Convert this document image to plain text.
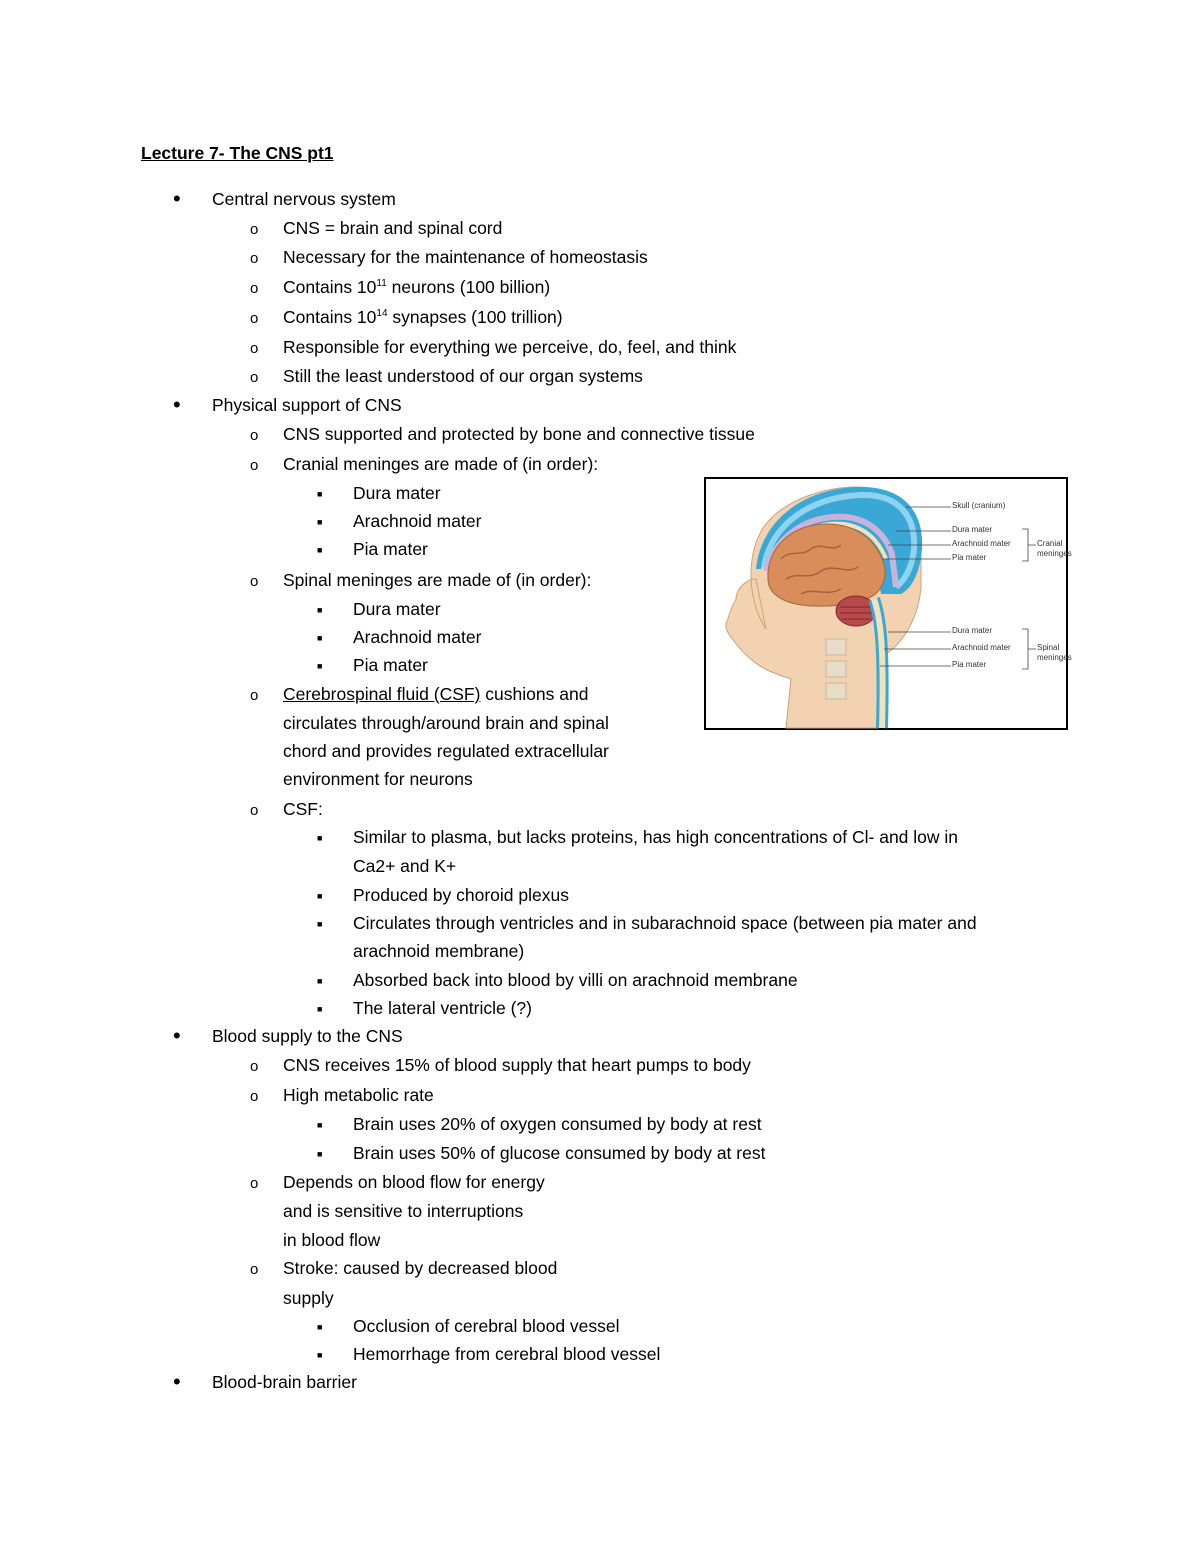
Lecture 7- The CNS pt1
•
o
o
o
o
o
o
•
o
o
■
■
■
o
■
■
■
o
o
■
■
■
■
■
•
o
o
■
■
o
o
■
■
•
Central nervous system
CNS = brain and spinal cord
Necessary for the maintenance of homeostasis
Contains $10^{11}$ neurons (100 billion)
Contains $10^{14}$ synapses (100 trillion)
Responsible for everything we perceive, do, feel, and think
Still the least understood of our organ systems
Physical support of CNS
CNS supported and protected by bone and connective tissue
Cranial meninges are made of (in order):
Dura mater
Arachnoid mater
Pia mater
Spinal meninges are made of (in order):
Dura mater
Arachnoid mater
Pia mater
Cerebrospinal fluid (CSF) cushions and
circulates through/around brain and spinal
chord and provides regulated extracellular
environment for neurons
CSF:
Similar to plasma, but lacks proteins, has high concentrations of Cl- and low in
Ca2+ and K+
Produced by choroid plexus
Circulates through ventricles and in subarachnoid space (between pia mater and
arachnoid membrane)
Absorbed back into blood by villi on arachnoid membrane
The lateral ventricle (?)
Blood supply to the CNS
CNS receives 15% of blood supply that heart pumps to body
High metabolic rate
Brain uses 20% of oxygen consumed by body at rest
Brain uses 50% of glucose consumed by body at rest
Depends on blood flow for energy
and is sensitive to interruptions
in blood flow
Stroke: caused by decreased blood
supply
Occlusion of cerebral blood vessel
Hemorrhage from cerebral blood vessel
Blood-brain barrier
Skull (cranium)
Dura mater
Arachnoid mater
Pia mater
Cranial
meninges
Dura mater
Arachnoid mater
Pia mater
Spinal
meninges
